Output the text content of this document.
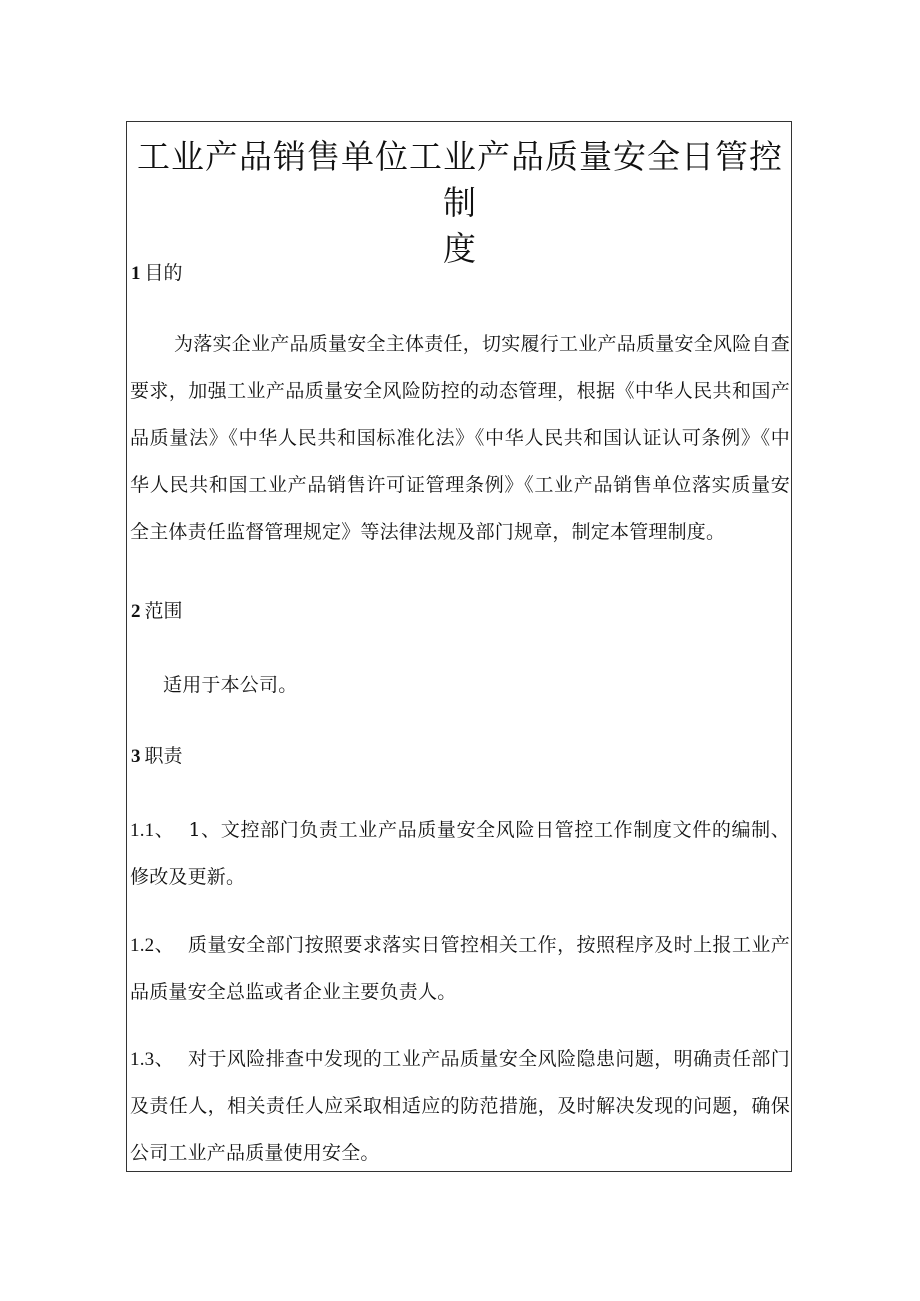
工业产品销售单位工业产品质量安全日管控制
度

1 目的

为落实企业产品质量安全主体责任，切实履行工业产品质量安全风险自查要求，加强工业产品质量安全风险防控的动态管理，根据《中华人民共和国产品质量法》《中华人民共和国标准化法》《中华人民共和国认证认可条例》《中华人民共和国工业产品销售许可证管理条例》《工业产品销售单位落实质量安全主体责任监督管理规定》等法律法规及部门规章，制定本管理制度。

2 范围

适用于本公司。

3 职责

1.1、 1、文控部门负责工业产品质量安全风险日管控工作制度文件的编制、修改及更新。

1.2、 质量安全部门按照要求落实日管控相关工作，按照程序及时上报工业产品质量安全总监或者企业主要负责人。

1.3、 对于风险排查中发现的工业产品质量安全风险隐患问题，明确责任部门及责任人，相关责任人应采取相适应的防范措施，及时解决发现的问题，确保公司工业产品质量使用安全。
